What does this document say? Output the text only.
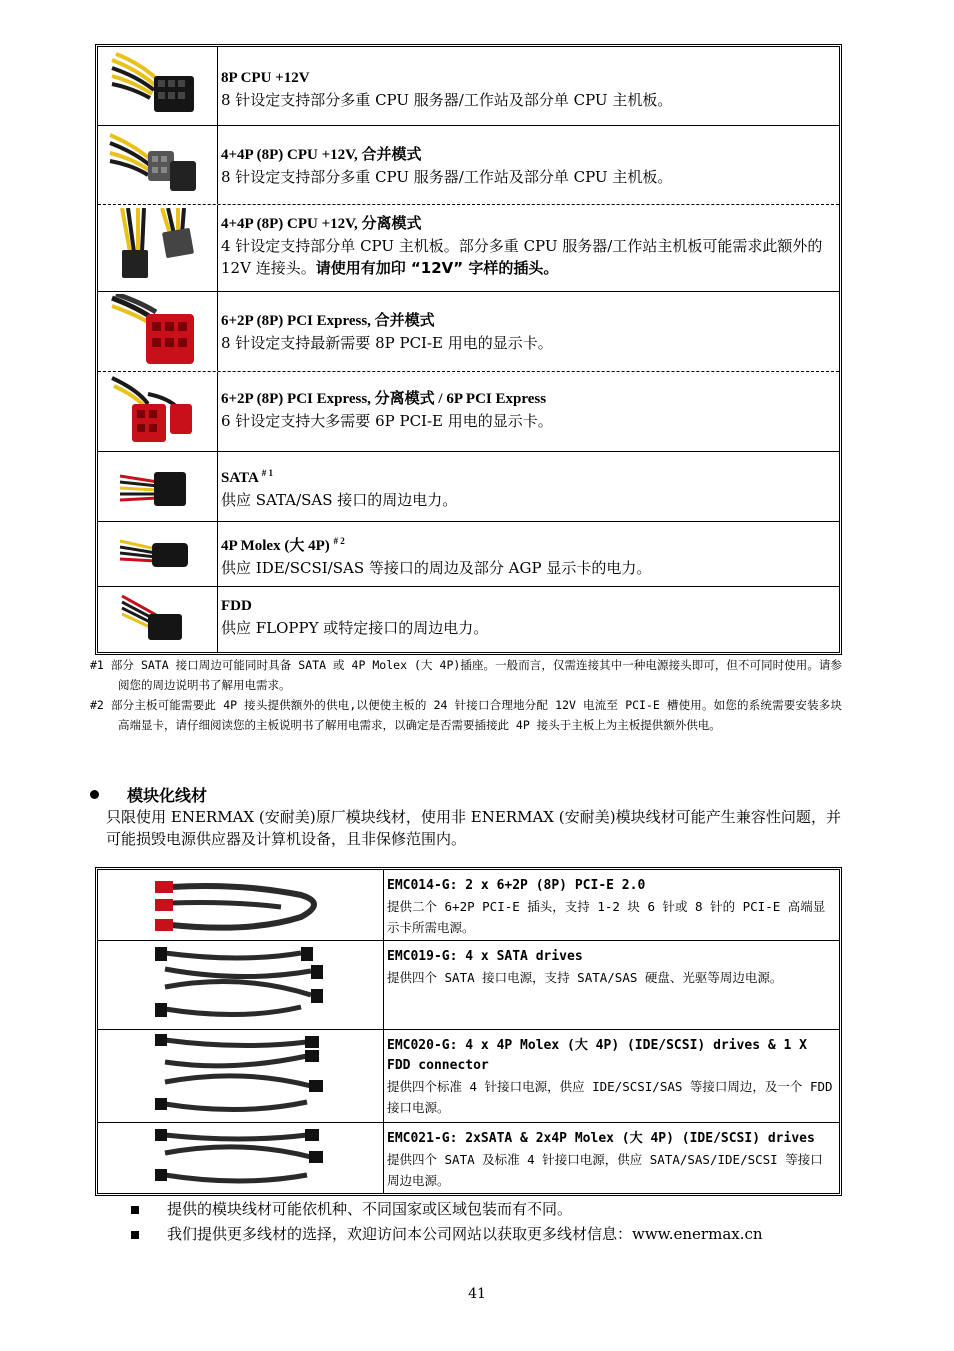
8P CPU +12V
8 针设定支持部分多重 CPU 服务器/工作站及部分单 CPU 主机板。
4+4P (8P) CPU +12V, 合并模式
8 针设定支持部分多重 CPU 服务器/工作站及部分单 CPU 主机板。
4+4P (8P) CPU +12V, 分离模式
4 针设定支持部分单 CPU 主机板。部分多重 CPU 服务器/工作站主机板可能需求此额外的 12V 连接头。请使用有加印 “12V” 字样的插头。
6+2P (8P) PCI Express, 合并模式
8 针设定支持最新需要 8P PCI-E 用电的显示卡。
6+2P (8P) PCI Express, 分离模式 / 6P PCI Express
6 针设定支持大多需要 6P PCI-E 用电的显示卡。
SATA $^{\# 1}$
供应 SATA/SAS 接口的周边电力。
4P Molex (大 4P) $^{\# 2}$
供应 IDE/SCSI/SAS 等接口的周边及部分 AGP 显示卡的电力。
FDD
供应 FLOPPY 或特定接口的周边电力。
#1 部分 SATA 接口周边可能同时具备 SATA 或 4P Molex (大 4P)插座。一般而言，仅需连接其中一种电源接头即可，但不可同时使用。请参阅您的周边说明书了解用电需求。
#2 部分主板可能需要此 4P 接头提供额外的供电,以便使主板的 24 针接口合理地分配 12V 电流至 PCI-E 槽使用。如您的系统需要安装多块高端显卡，请仔细阅读您的主板说明书了解用电需求，以确定是否需要插接此 4P 接头于主板上为主板提供额外供电。
模块化线材
只限使用 ENERMAX (安耐美)原厂模块线材，使用非 ENERMAX (安耐美)模块线材可能产生兼容性问题，并可能损毁电源供应器及计算机设备，且非保修范围内。
EMC014-G: 2 x 6+2P (8P) PCI-E 2.0
提供二个 6+2P PCI-E 插头，支持 1-2 块 6 针或 8 针的 PCI-E 高端显示卡所需电源。
EMC019-G: 4 x SATA drives
提供四个 SATA 接口电源，支持 SATA/SAS 硬盘、光驱等周边电源。
EMC020-G: 4 x 4P Molex (大 4P) (IDE/SCSI) drives & 1 X FDD connector
提供四个标准 4 针接口电源，供应 IDE/SCSI/SAS 等接口周边，及一个 FDD 接口电源。
EMC021-G: 2xSATA & 2x4P Molex (大 4P) (IDE/SCSI) drives
提供四个 SATA 及标准 4 针接口电源，供应 SATA/SAS/IDE/SCSI 等接口周边电源。
提供的模块线材可能依机种、不同国家或区域包装而有不同。
我们提供更多线材的选择，欢迎访问本公司网站以获取更多线材信息：www.enermax.cn
41
